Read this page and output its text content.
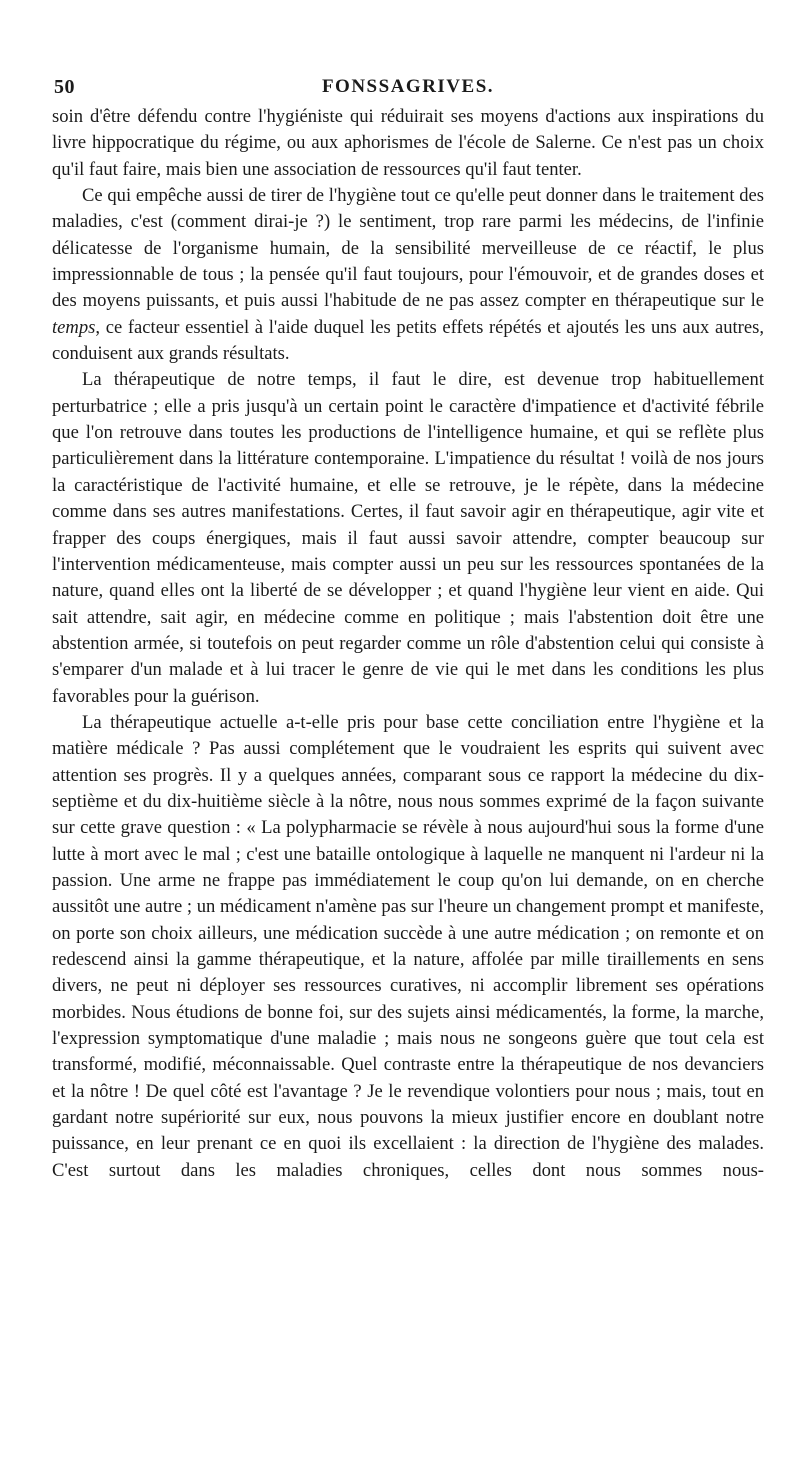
50	FONSSAGRIVES.

soin d'être défendu contre l'hygiéniste qui réduirait ses moyens d'actions aux inspirations du livre hippocratique du régime, ou aux aphorismes de l'école de Salerne. Ce n'est pas un choix qu'il faut faire, mais bien une association de ressources qu'il faut tenter.

Ce qui empêche aussi de tirer de l'hygiène tout ce qu'elle peut donner dans le traitement des maladies, c'est (comment dirai-je ?) le sentiment, trop rare parmi les médecins, de l'infinie délicatesse de l'organisme humain, de la sensibilité merveilleuse de ce réactif, le plus impressionnable de tous ; la pensée qu'il faut toujours, pour l'émouvoir, et de grandes doses et des moyens puissants, et puis aussi l'habitude de ne pas assez compter en thérapeutique sur le temps, ce facteur essentiel à l'aide duquel les petits effets répétés et ajoutés les uns aux autres, conduisent aux grands résultats.

La thérapeutique de notre temps, il faut le dire, est devenue trop habituellement perturbatrice ; elle a pris jusqu'à un certain point le caractère d'impatience et d'activité fébrile que l'on retrouve dans toutes les productions de l'intelligence humaine, et qui se reflète plus particulièrement dans la littérature contemporaine. L'impatience du résultat ! voilà de nos jours la caractéristique de l'activité humaine, et elle se retrouve, je le répète, dans la médecine comme dans ses autres manifestations. Certes, il faut savoir agir en thérapeutique, agir vite et frapper des coups énergiques, mais il faut aussi savoir attendre, compter beaucoup sur l'intervention médicamenteuse, mais compter aussi un peu sur les ressources spontanées de la nature, quand elles ont la liberté de se développer ; et quand l'hygiène leur vient en aide. Qui sait attendre, sait agir, en médecine comme en politique ; mais l'abstention doit être une abstention armée, si toutefois on peut regarder comme un rôle d'abstention celui qui consiste à s'emparer d'un malade et à lui tracer le genre de vie qui le met dans les conditions les plus favorables pour la guérison.

La thérapeutique actuelle a-t-elle pris pour base cette conciliation entre l'hygiène et la matière médicale ? Pas aussi complétement que le voudraient les esprits qui suivent avec attention ses progrès. Il y a quelques années, comparant sous ce rapport la médecine du dix-septième et du dix-huitième siècle à la nôtre, nous nous sommes exprimé de la façon suivante sur cette grave question : « La polypharmacie se révèle à nous aujourd'hui sous la forme d'une lutte à mort avec le mal ; c'est une bataille ontologique à laquelle ne manquent ni l'ardeur ni la passion. Une arme ne frappe pas immédiatement le coup qu'on lui demande, on en cherche aussitôt une autre ; un médicament n'amène pas sur l'heure un changement prompt et manifeste, on porte son choix ailleurs, une médication succède à une autre médication ; on remonte et on redescend ainsi la gamme thérapeutique, et la nature, affolée par mille tiraillements en sens divers, ne peut ni déployer ses ressources curatives, ni accomplir librement ses opérations morbides. Nous étudions de bonne foi, sur des sujets ainsi médicamentés, la forme, la marche, l'expression symptomatique d'une maladie ; mais nous ne songeons guère que tout cela est transformé, modifié, méconnaissable. Quel contraste entre la thérapeutique de nos devanciers et la nôtre ! De quel côté est l'avantage ? Je le revendique volontiers pour nous ; mais, tout en gardant notre supériorité sur eux, nous pouvons la mieux justifier encore en doublant notre puissance, en leur prenant ce en quoi ils excellaient : la direction de l'hygiène des malades. C'est surtout dans les maladies chroniques, celles dont nous sommes nous-
